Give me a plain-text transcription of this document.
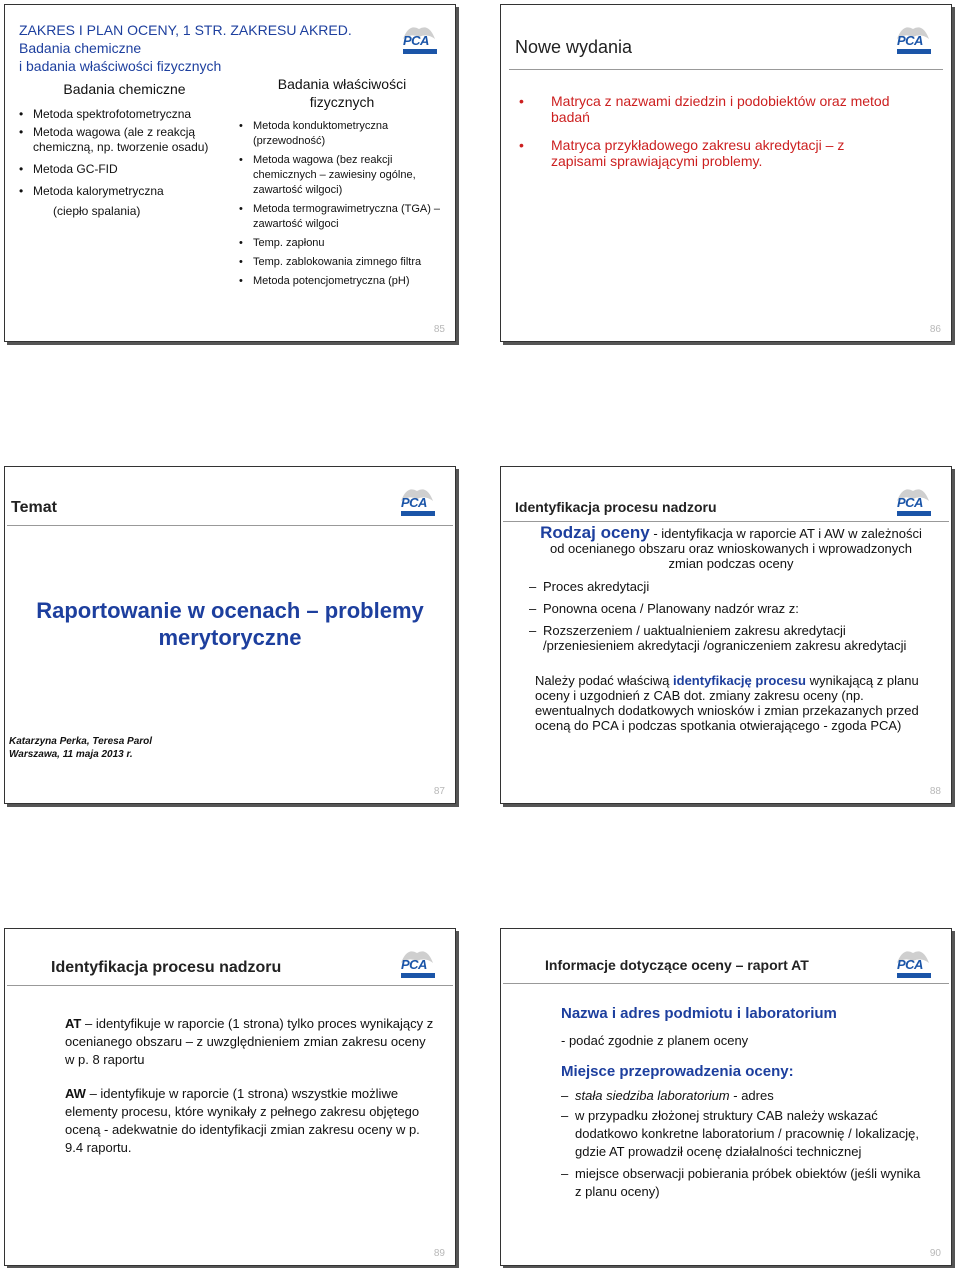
ZAKRES I PLAN OCENY, 1 STR. ZAKRESU AKRED.
Badania chemiczne
i badania właściwości fizycznych
PCA
Badania chemiczne
• Metoda spektrofotometryczna
• Metoda wagowa (ale z reakcją chemiczną, np. tworzenie osadu)
• Metoda GC-FID
• Metoda kalorymetryczna
(ciepło spalania)
Badania właściwości fizycznych
• Metoda konduktometryczna (przewodność)
• Metoda wagowa (bez reakcji chemicznych – zawiesiny ogólne, zawartość wilgoci)
• Metoda termograwimetryczna (TGA) – zawartość wilgoci
• Temp. zapłonu
• Temp. zablokowania zimnego filtra
• Metoda potencjometryczna (pH)
85
Nowe wydania	PCA
• Matryca z nazwami dziedzin i podobiektów oraz metod badań
• Matryca przykładowego zakresu akredytacji – z zapisami sprawiającymi problemy.
86
Temat	PCA
Raportowanie w ocenach – problemy
merytoryczne
Katarzyna Perka, Teresa Parol
Warszawa, 11 maja 2013 r.
87
Identyfikacja procesu nadzoru	PCA
Rodzaj oceny - identyfikacja w raporcie AT i AW w zależności od ocenianego obszaru oraz wnioskowanych i wprowadzonych zmian podczas oceny
– Proces akredytacji
– Ponowna ocena / Planowany nadzór wraz z:
– Rozszerzeniem / uaktualnieniem zakresu akredytacji /przeniesieniem akredytacji /ograniczeniem zakresu akredytacji
Należy podać właściwą identyfikację procesu wynikającą z planu oceny i uzgodnień z CAB dot. zmiany zakresu oceny (np. ewentualnych dodatkowych wniosków i zmian przekazanych przed oceną do PCA i podczas spotkania otwierającego - zgoda PCA)
88
Identyfikacja procesu nadzoru	PCA
AT – identyfikuje w raporcie (1 strona) tylko proces wynikający z ocenianego obszaru – z uwzględnieniem zmian zakresu oceny w p. 8 raportu
AW – identyfikuje w raporcie (1 strona) wszystkie możliwe elementy procesu, które wynikały z pełnego zakresu objętego oceną - adekwatnie do identyfikacji zmian zakresu oceny w p. 9.4 raportu.
89
Informacje dotyczące oceny – raport AT	PCA
Nazwa i adres podmiotu i laboratorium
- podać zgodnie z planem oceny
Miejsce przeprowadzenia oceny:
– stała siedziba laboratorium - adres
– w przypadku złożonej struktury CAB należy wskazać dodatkowo konkretne laboratorium / pracownię / lokalizację, gdzie AT prowadził ocenę działalności technicznej
– miejsce obserwacji pobierania próbek obiektów (jeśli wynika z planu oceny)
90
